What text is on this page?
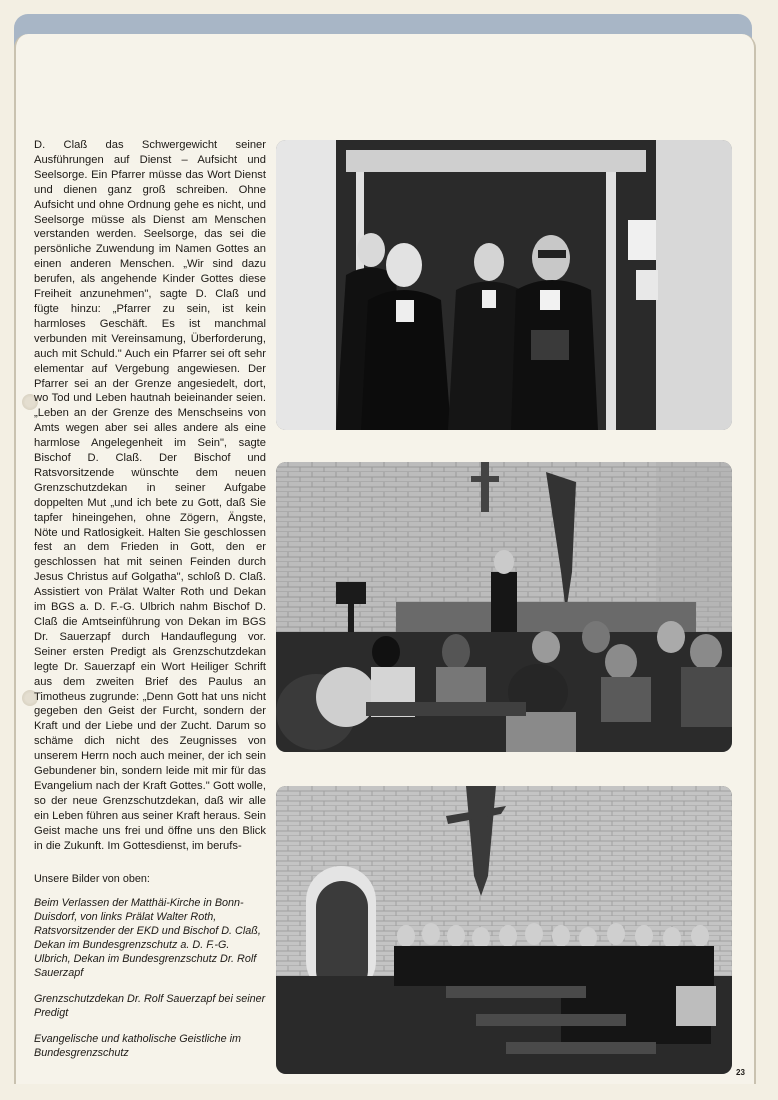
D. Claß das Schwergewicht seiner Ausführungen auf Dienst – Aufsicht und Seelsorge. Ein Pfarrer müsse das Wort Dienst und dienen ganz groß schreiben. Ohne Aufsicht und ohne Ordnung gehe es nicht, und Seelsorge müsse als Dienst am Menschen verstanden werden. Seelsorge, das sei die persönliche Zuwendung im Namen Gottes an einen anderen Menschen. „Wir sind dazu berufen, als angehende Kinder Gottes diese Freiheit anzunehmen", sagte D. Claß und fügte hinzu: „Pfarrer zu sein, ist kein harmloses Geschäft. Es ist manchmal verbunden mit Vereinsamung, Überforderung, auch mit Schuld." Auch ein Pfarrer sei oft sehr elementar auf Vergebung angewiesen. Der Pfarrer sei an der Grenze angesiedelt, dort, wo Tod und Leben hautnah beieinander seien. „Leben an der Grenze des Menschseins von Amts wegen aber sei alles andere als eine harmlose Angelegenheit im Sein", sagte Bischof D. Claß. Der Bischof und Ratsvorsitzende wünschte dem neuen Grenzschutzdekan in seiner Aufgabe doppelten Mut „und ich bete zu Gott, daß Sie tapfer hineingehen, ohne Zögern, Ängste, Nöte und Ratlosigkeit. Halten Sie geschlossen fest an dem Frieden in Gott, den er geschlossen hat mit seinen Feinden durch Jesus Christus auf Golgatha", schloß D. Claß. Assistiert von Prälat Walter Roth und Dekan im BGS a. D. F.-G. Ulbrich nahm Bischof D. Claß die Amtseinführung von Dekan im BGS Dr. Sauerzapf durch Handauflegung vor. Seiner ersten Predigt als Grenzschutzdekan legte Dr. Sauerzapf ein Wort Heiliger Schrift aus dem zweiten Brief des Paulus an Timotheus zugrunde: „Denn Gott hat uns nicht gegeben den Geist der Furcht, sondern der Kraft und der Liebe und der Zucht. Darum so schäme dich nicht des Zeugnisses von unserem Herrn noch auch meiner, der ich sein Gebundener bin, sondern leide mit mir für das Evangelium nach der Kraft Gottes." Gott wolle, so der neue Grenzschutzdekan, daß wir alle ein Leben führen aus seiner Kraft heraus. Sein Geist mache uns frei und öffne uns den Blick in die Zukunft. Im Gottesdienst, im berufs-

Unsere Bilder von oben:

Beim Verlassen der Matthäi-Kirche in Bonn-Duisdorf, von links Prälat Walter Roth, Ratsvorsitzender der EKD und Bischof D. Claß, Dekan im Bundesgrenzschutz a. D. F.-G. Ulbrich, Dekan im Bundesgrenzschutz Dr. Rolf Sauerzapf

Grenzschutzdekan Dr. Rolf Sauerzapf bei seiner Predigt

Evangelische und katholische Geistliche im Bundesgrenzschutz

23
